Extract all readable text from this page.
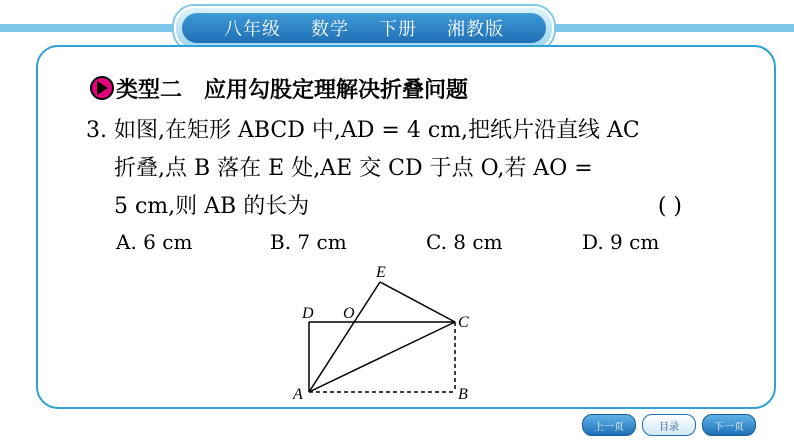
八年级 数学 下册 湘教版
类型二 应用勾股定理解决折叠问题
3. 如图,在矩形 ABCD 中,AD = 4 cm,把纸片沿直线 AC
折叠,点 B 落在 E 处,AE 交 CD 于点 O,若 AO =
5 cm,则 AB 的长为	( )
A. 6 cm	B. 7 cm	C. 8 cm	D. 9 cm
E
D O
C
A	B
上一页	目录	下一页
